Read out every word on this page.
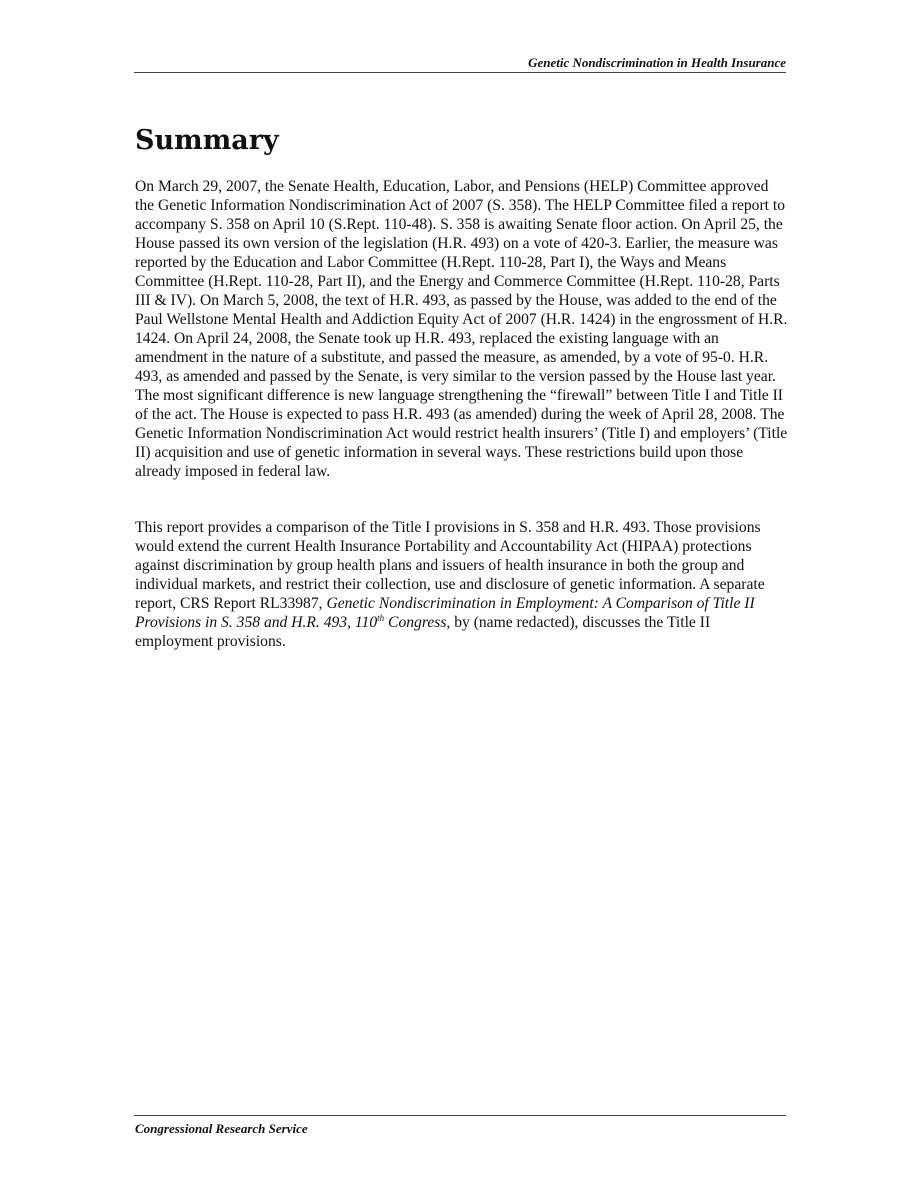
Genetic Nondiscrimination in Health Insurance
Summary

On March 29, 2007, the Senate Health, Education, Labor, and Pensions (HELP) Committee approved the Genetic Information Nondiscrimination Act of 2007 (S. 358). The HELP Committee filed a report to accompany S. 358 on April 10 (S.Rept. 110-48). S. 358 is awaiting Senate floor action. On April 25, the House passed its own version of the legislation (H.R. 493) on a vote of 420-3. Earlier, the measure was reported by the Education and Labor Committee (H.Rept. 110-28, Part I), the Ways and Means Committee (H.Rept. 110-28, Part II), and the Energy and Commerce Committee (H.Rept. 110-28, Parts III & IV). On March 5, 2008, the text of H.R. 493, as passed by the House, was added to the end of the Paul Wellstone Mental Health and Addiction Equity Act of 2007 (H.R. 1424) in the engrossment of H.R. 1424. On April 24, 2008, the Senate took up H.R. 493, replaced the existing language with an amendment in the nature of a substitute, and passed the measure, as amended, by a vote of 95-0. H.R. 493, as amended and passed by the Senate, is very similar to the version passed by the House last year. The most significant difference is new language strengthening the “firewall” between Title I and Title II of the act. The House is expected to pass H.R. 493 (as amended) during the week of April 28, 2008. The Genetic Information Nondiscrimination Act would restrict health insurers’ (Title I) and employers’ (Title II) acquisition and use of genetic information in several ways. These restrictions build upon those already imposed in federal law.

This report provides a comparison of the Title I provisions in S. 358 and H.R. 493. Those provisions would extend the current Health Insurance Portability and Accountability Act (HIPAA) protections against discrimination by group health plans and issuers of health insurance in both the group and individual markets, and restrict their collection, use and disclosure of genetic information. A separate report, CRS Report RL33987, Genetic Nondiscrimination in Employment: A Comparison of Title II Provisions in S. 358 and H.R. 493, 110th Congress, by (name redacted), discusses the Title II employment provisions.

Congressional Research Service
